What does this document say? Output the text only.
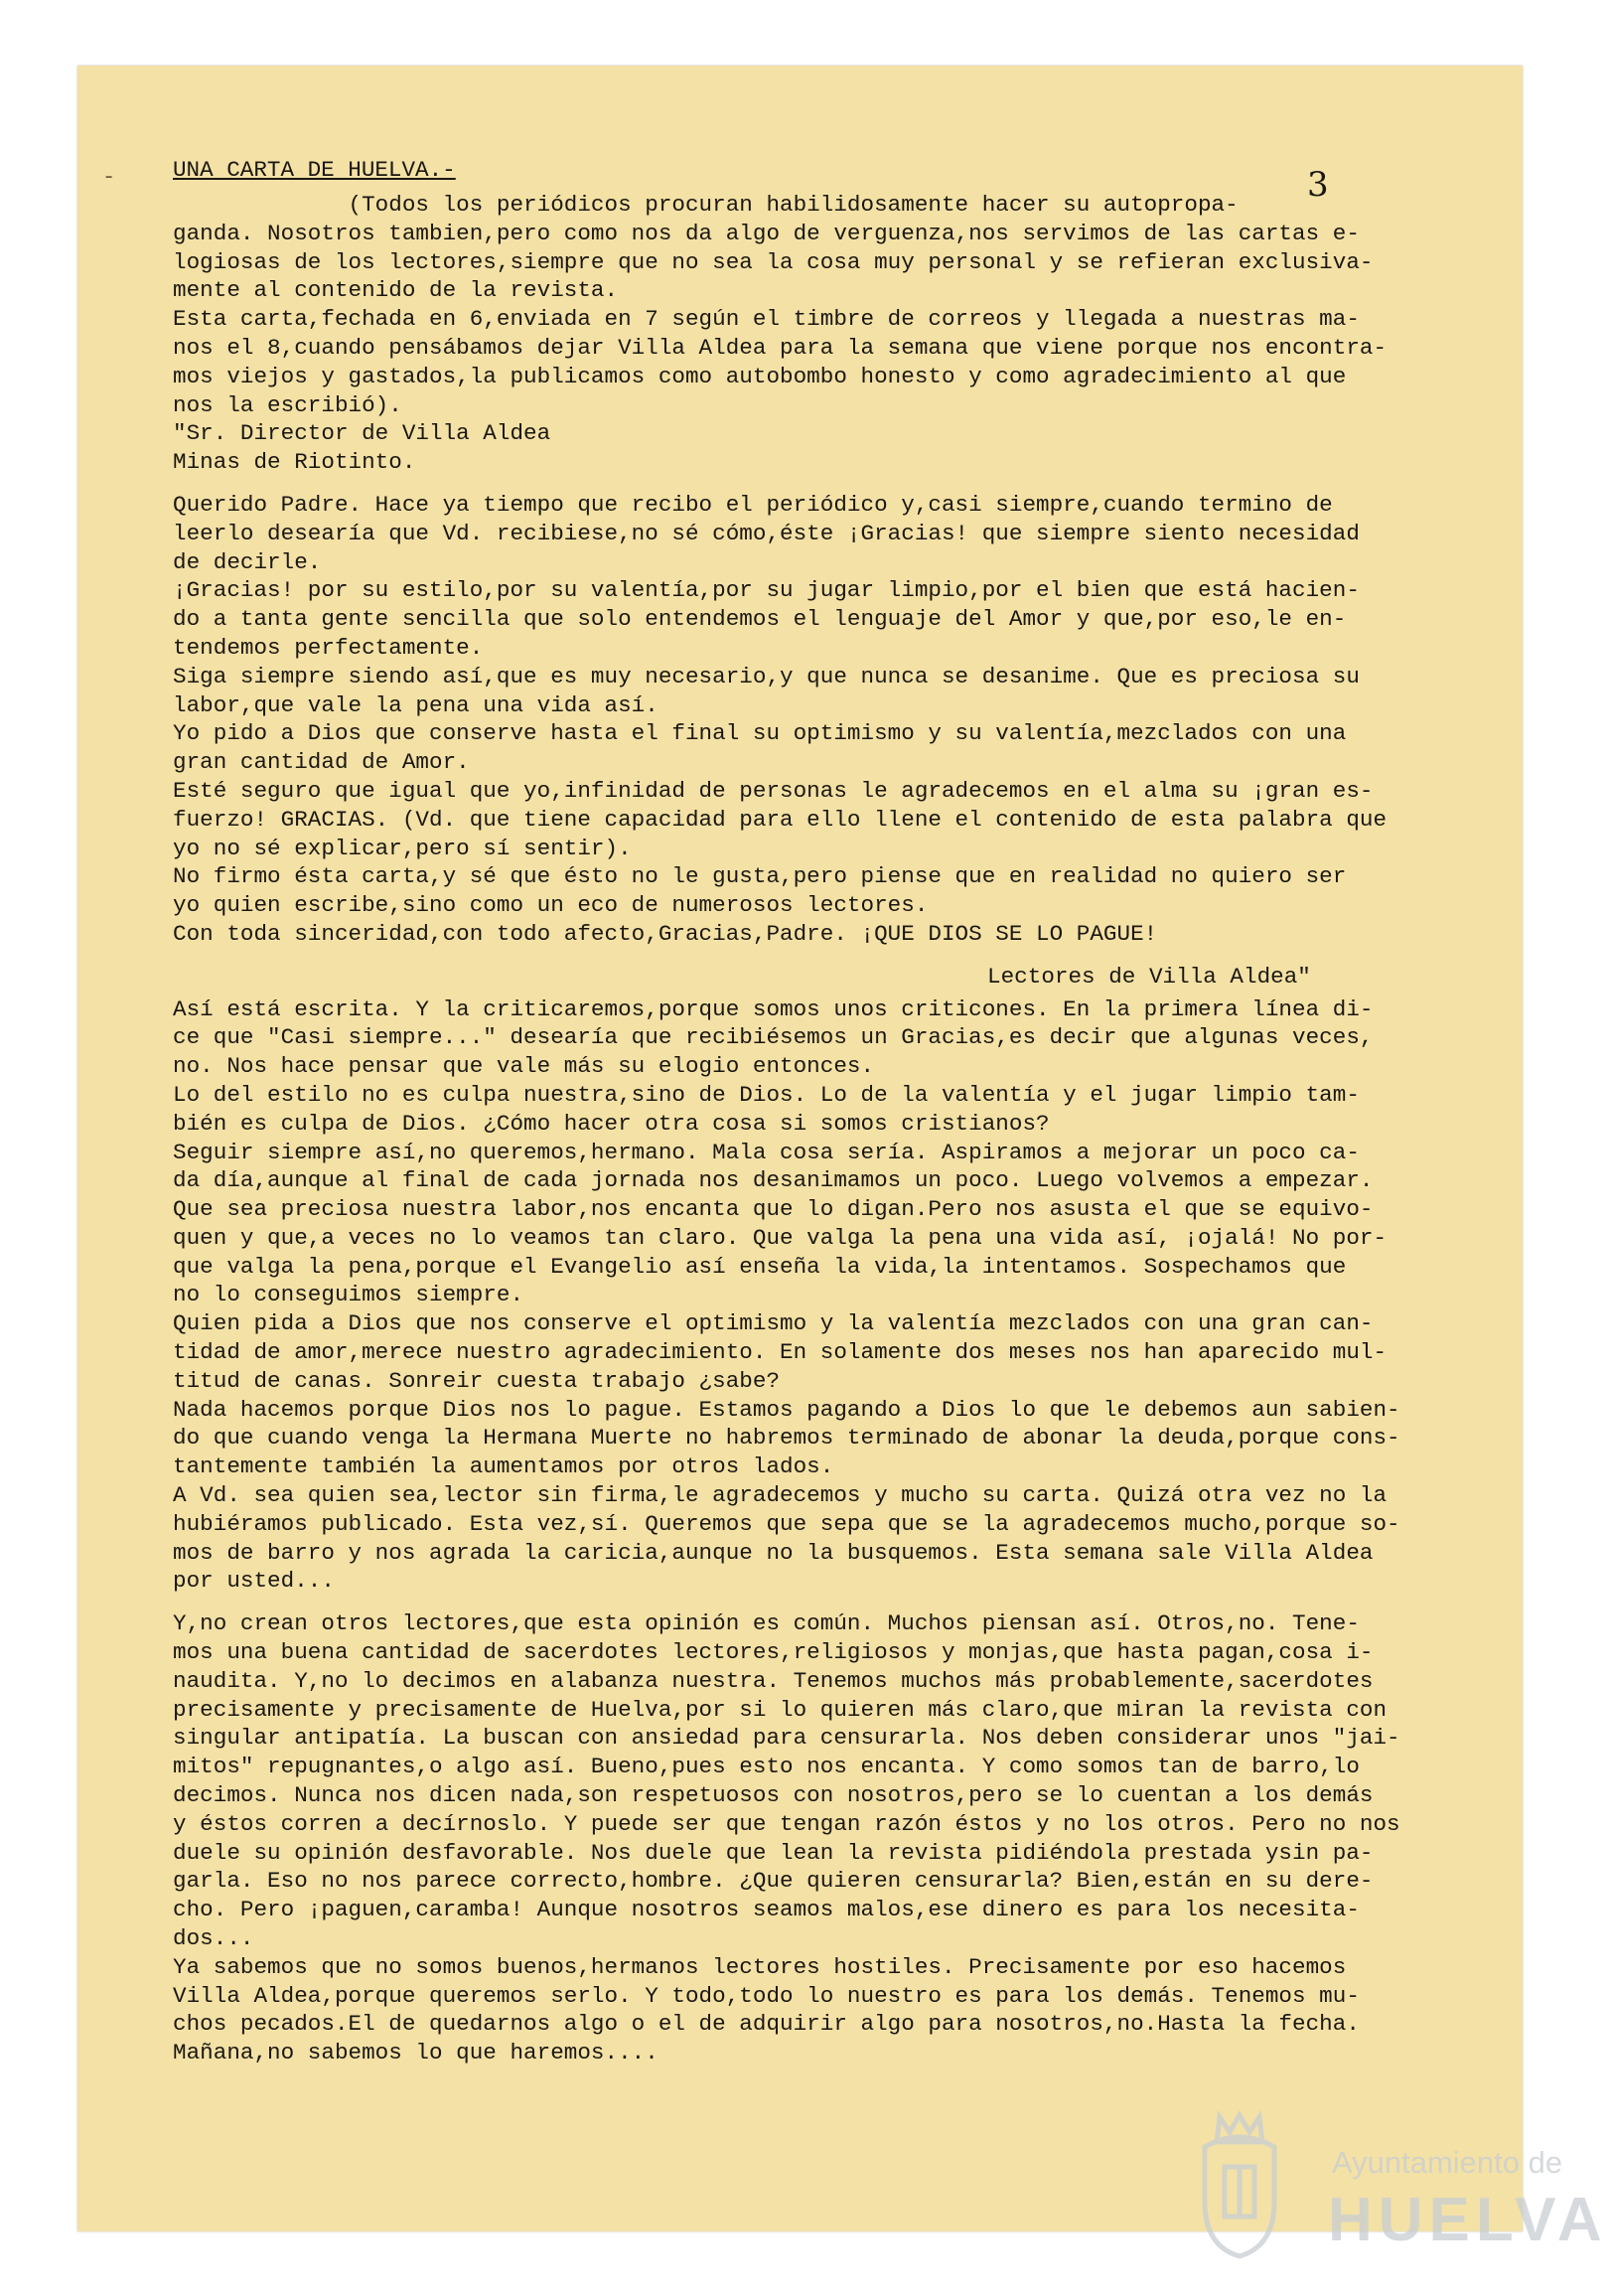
-	3
UNA CARTA DE HUELVA.-
(Todos los periódicos procuran habilidosamente hacer su autopropa-
ganda. Nosotros tambien,pero como nos da algo de verguenza,nos servimos de las cartas e-
logiosas de los lectores,siempre que no sea la cosa muy personal y se refieran exclusiva-
mente al contenido de la revista.
Esta carta,fechada en 6,enviada en 7 según el timbre de correos y llegada a nuestras ma-
nos el 8,cuando pensábamos dejar Villa Aldea para la semana que viene porque nos encontra-
mos viejos y gastados,la publicamos como autobombo honesto y como agradecimiento al que
nos la escribió).
"Sr. Director de Villa Aldea
Minas de Riotinto.
Querido Padre. Hace ya tiempo que recibo el periódico y,casi siempre,cuando termino de
leerlo desearía que Vd. recibiese,no sé cómo,éste ¡Gracias! que siempre siento necesidad
de decirle.
¡Gracias! por su estilo,por su valentía,por su jugar limpio,por el bien que está hacien-
do a tanta gente sencilla que solo entendemos el lenguaje del Amor y que,por eso,le en-
tendemos perfectamente.
Siga siempre siendo así,que es muy necesario,y que nunca se desanime. Que es preciosa su
labor,que vale la pena una vida así.
Yo pido a Dios que conserve hasta el final su optimismo y su valentía,mezclados con una
gran cantidad de Amor.
Esté seguro que igual que yo,infinidad de personas le agradecemos en el alma su ¡gran es-
fuerzo! GRACIAS. (Vd. que tiene capacidad para ello llene el contenido de esta palabra que
yo no sé explicar,pero sí sentir).
No firmo ésta carta,y sé que ésto no le gusta,pero piense que en realidad no quiero ser
yo quien escribe,sino como un eco de numerosos lectores.
Con toda sinceridad,con todo afecto,Gracias,Padre. ¡QUE DIOS SE LO PAGUE!
Lectores de Villa Aldea"
Así está escrita. Y la criticaremos,porque somos unos criticones. En la primera línea di-
ce que "Casi siempre..." desearía que recibiésemos un Gracias,es decir que algunas veces,
no. Nos hace pensar que vale más su elogio entonces.
Lo del estilo no es culpa nuestra,sino de Dios. Lo de la valentía y el jugar limpio tam-
bién es culpa de Dios. ¿Cómo hacer otra cosa si somos cristianos?
Seguir siempre así,no queremos,hermano. Mala cosa sería. Aspiramos a mejorar un poco ca-
da día,aunque al final de cada jornada nos desanimamos un poco. Luego volvemos a empezar.
Que sea preciosa nuestra labor,nos encanta que lo digan.Pero nos asusta el que se equivo-
quen y que,a veces no lo veamos tan claro. Que valga la pena una vida así, ¡ojalá! No por-
que valga la pena,porque el Evangelio así enseña la vida,la intentamos. Sospechamos que
no lo conseguimos siempre.
Quien pida a Dios que nos conserve el optimismo y la valentía mezclados con una gran can-
tidad de amor,merece nuestro agradecimiento. En solamente dos meses nos han aparecido mul-
titud de canas. Sonreir cuesta trabajo ¿sabe?
Nada hacemos porque Dios nos lo pague. Estamos pagando a Dios lo que le debemos aun sabien-
do que cuando venga la Hermana Muerte no habremos terminado de abonar la deuda,porque cons-
tantemente también la aumentamos por otros lados.
A Vd. sea quien sea,lector sin firma,le agradecemos y mucho su carta. Quizá otra vez no la
hubiéramos publicado. Esta vez,sí. Queremos que sepa que se la agradecemos mucho,porque so-
mos de barro y nos agrada la caricia,aunque no la busquemos. Esta semana sale Villa Aldea
por usted...
Y,no crean otros lectores,que esta opinión es común. Muchos piensan así. Otros,no. Tene-
mos una buena cantidad de sacerdotes lectores,religiosos y monjas,que hasta pagan,cosa i-
naudita. Y,no lo decimos en alabanza nuestra. Tenemos muchos más probablemente,sacerdotes
precisamente y precisamente de Huelva,por si lo quieren más claro,que miran la revista con
singular antipatía. La buscan con ansiedad para censurarla. Nos deben considerar unos "jai-
mitos" repugnantes,o algo así. Bueno,pues esto nos encanta. Y como somos tan de barro,lo
decimos. Nunca nos dicen nada,son respetuosos con nosotros,pero se lo cuentan a los demás
y éstos corren a decírnoslo. Y puede ser que tengan razón éstos y no los otros. Pero no nos
duele su opinión desfavorable. Nos duele que lean la revista pidiéndola prestada ysin pa-
garla. Eso no nos parece correcto,hombre. ¿Que quieren censurarla? Bien,están en su dere-
cho. Pero ¡paguen,caramba! Aunque nosotros seamos malos,ese dinero es para los necesita-
dos...
Ya sabemos que no somos buenos,hermanos lectores hostiles. Precisamente por eso hacemos
Villa Aldea,porque queremos serlo. Y todo,todo lo nuestro es para los demás. Tenemos mu-
chos pecados.El de quedarnos algo o el de adquirir algo para nosotros,no.Hasta la fecha.
Mañana,no sabemos lo que haremos....
Ayuntamiento de
HUELVA
